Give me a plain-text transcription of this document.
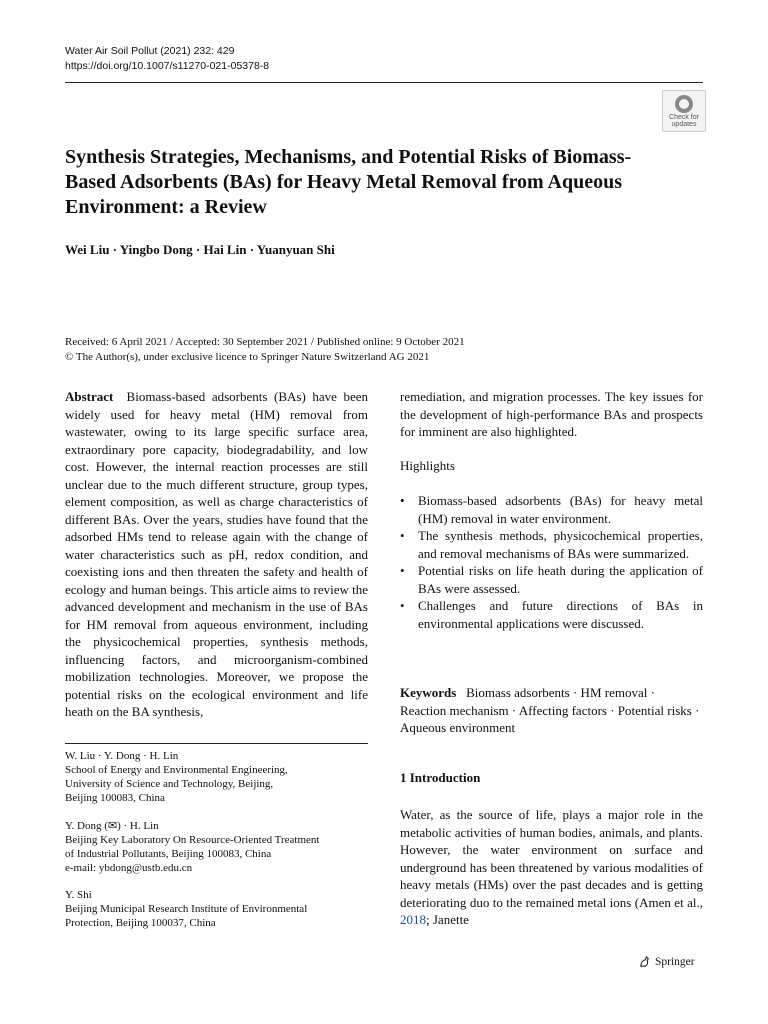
Water Air Soil Pollut (2021) 232: 429
https://doi.org/10.1007/s11270-021-05378-8
Check for
updates
Synthesis Strategies, Mechanisms, and Potential Risks of Biomass-Based Adsorbents (BAs) for Heavy Metal Removal from Aqueous Environment: a Review
Wei Liu · Yingbo Dong · Hai Lin · Yuanyuan Shi
Received: 6 April 2021 / Accepted: 30 September 2021 / Published online: 9 October 2021
© The Author(s), under exclusive licence to Springer Nature Switzerland AG 2021

Abstract Biomass-based adsorbents (BAs) have been widely used for heavy metal (HM) removal from wastewater, owing to its large specific surface area, extraordinary pore capacity, biodegradability, and low cost. However, the internal reaction processes are still unclear due to the much different structure, group types, element composition, as well as charge characteristics of different BAs. Over the years, studies have found that the adsorbed HMs tend to release again with the change of water characteristics such as pH, redox condition, and coexisting ions and then threaten the safety and health of ecology and human beings. This article aims to review the advanced development and mechanism in the use of BAs for HM removal from aqueous environment, including the physicochemical properties, synthesis methods, influencing factors, and microorganism-combined mobilization technologies. Moreover, we propose the potential risks on the ecological environment and life heath on the BA synthesis,

remediation, and migration processes. The key issues for the development of high-performance BAs and prospects for imminent are also highlighted.

Highlights
• Biomass-based adsorbents (BAs) for heavy metal (HM) removal in water environment.
• The synthesis methods, physicochemical properties, and removal mechanisms of BAs were summarized.
• Potential risks on life heath during the application of BAs were assessed.
• Challenges and future directions of BAs in environmental applications were discussed.
Keywords Biomass adsorbents · HM removal · Reaction mechanism · Affecting factors · Potential risks · Aqueous environment
1 Introduction

Water, as the source of life, plays a major role in the metabolic activities of human bodies, animals, and plants. However, the water environment on surface and underground has been threatened by various modalities of heavy metals (HMs) over the past decades and is getting deteriorating duo to the remained metal ions (Amen et al., 2018; Janette

W. Liu · Y. Dong · H. Lin
School of Energy and Environmental Engineering,
University of Science and Technology, Beijing,
Beijing 100083, China
Y. Dong (✉) · H. Lin
Beijing Key Laboratory On Resource-Oriented Treatment
of Industrial Pollutants, Beijing 100083, China
e-mail: ybdong@ustb.edu.cn
Y. Shi
Beijing Municipal Research Institute of Environmental
Protection, Beijing 100037, China
Springer
